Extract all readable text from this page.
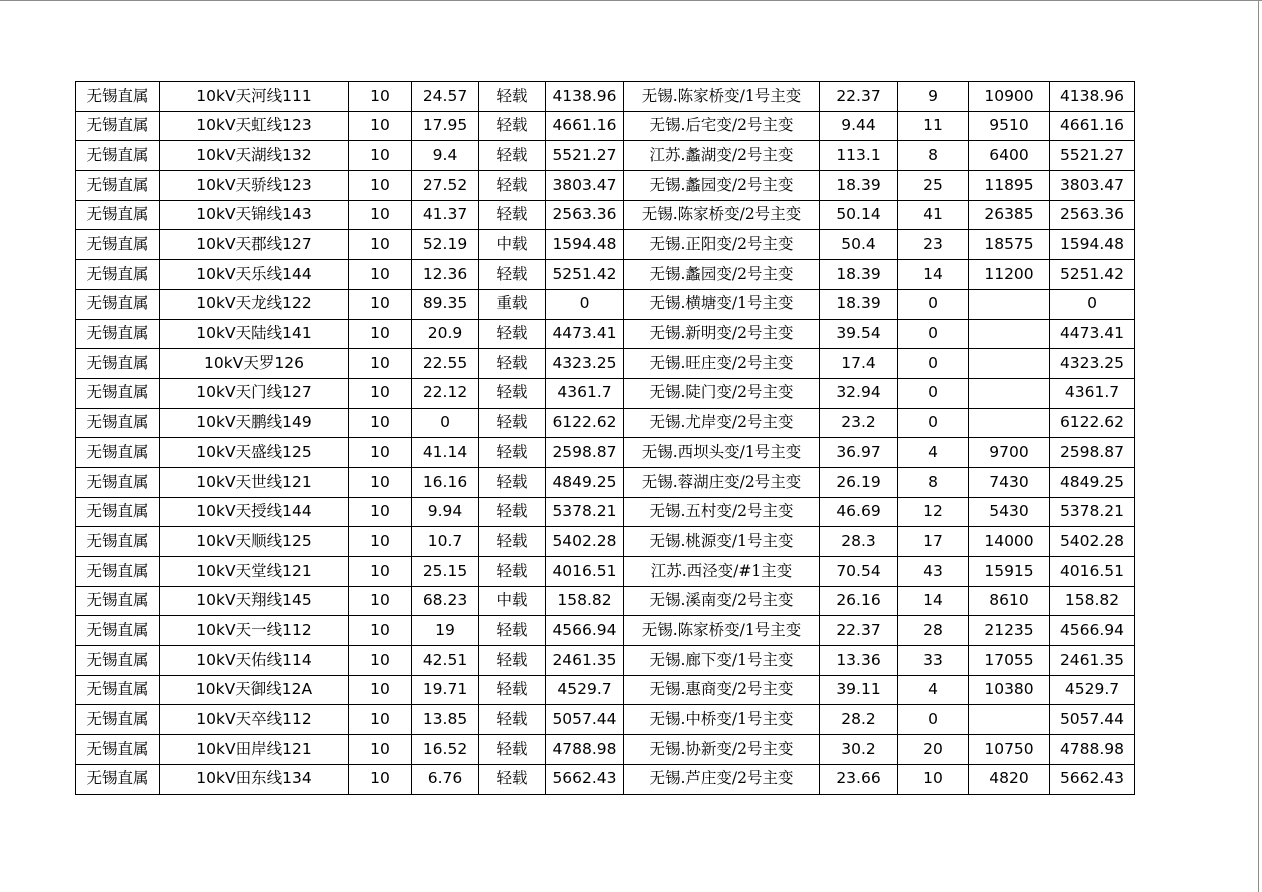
无锡直属	10kV天河线111	10	24.57	轻载	4138.96	无锡.陈家桥变/1号主变	22.37	9	10900	4138.96
无锡直属	10kV天虹线123	10	17.95	轻载	4661.16	无锡.后宅变/2号主变	9.44	11	9510	4661.16
无锡直属	10kV天湖线132	10	9.4	轻载	5521.27	江苏.蠡湖变/2号主变	113.1	8	6400	5521.27
无锡直属	10kV天骄线123	10	27.52	轻载	3803.47	无锡.蠡园变/2号主变	18.39	25	11895	3803.47
无锡直属	10kV天锦线143	10	41.37	轻载	2563.36	无锡.陈家桥变/2号主变	50.14	41	26385	2563.36
无锡直属	10kV天郡线127	10	52.19	中载	1594.48	无锡.正阳变/2号主变	50.4	23	18575	1594.48
无锡直属	10kV天乐线144	10	12.36	轻载	5251.42	无锡.蠡园变/2号主变	18.39	14	11200	5251.42
无锡直属	10kV天龙线122	10	89.35	重载	0	无锡.横塘变/1号主变	18.39	0		0
无锡直属	10kV天陆线141	10	20.9	轻载	4473.41	无锡.新明变/2号主变	39.54	0		4473.41
无锡直属	10kV天罗126	10	22.55	轻载	4323.25	无锡.旺庄变/2号主变	17.4	0		4323.25
无锡直属	10kV天门线127	10	22.12	轻载	4361.7	无锡.陡门变/2号主变	32.94	0		4361.7
无锡直属	10kV天鹏线149	10	0	轻载	6122.62	无锡.尤岸变/2号主变	23.2	0		6122.62
无锡直属	10kV天盛线125	10	41.14	轻载	2598.87	无锡.西坝头变/1号主变	36.97	4	9700	2598.87
无锡直属	10kV天世线121	10	16.16	轻载	4849.25	无锡.蓉湖庄变/2号主变	26.19	8	7430	4849.25
无锡直属	10kV天授线144	10	9.94	轻载	5378.21	无锡.五村变/2号主变	46.69	12	5430	5378.21
无锡直属	10kV天顺线125	10	10.7	轻载	5402.28	无锡.桃源变/1号主变	28.3	17	14000	5402.28
无锡直属	10kV天堂线121	10	25.15	轻载	4016.51	江苏.西泾变/#1主变	70.54	43	15915	4016.51
无锡直属	10kV天翔线145	10	68.23	中载	158.82	无锡.溪南变/2号主变	26.16	14	8610	158.82
无锡直属	10kV天一线112	10	19	轻载	4566.94	无锡.陈家桥变/1号主变	22.37	28	21235	4566.94
无锡直属	10kV天佑线114	10	42.51	轻载	2461.35	无锡.廊下变/1号主变	13.36	33	17055	2461.35
无锡直属	10kV天御线12A	10	19.71	轻载	4529.7	无锡.惠商变/2号主变	39.11	4	10380	4529.7
无锡直属	10kV天卒线112	10	13.85	轻载	5057.44	无锡.中桥变/1号主变	28.2	0		5057.44
无锡直属	10kV田岸线121	10	16.52	轻载	4788.98	无锡.协新变/2号主变	30.2	20	10750	4788.98
无锡直属	10kV田东线134	10	6.76	轻载	5662.43	无锡.芦庄变/2号主变	23.66	10	4820	5662.43
